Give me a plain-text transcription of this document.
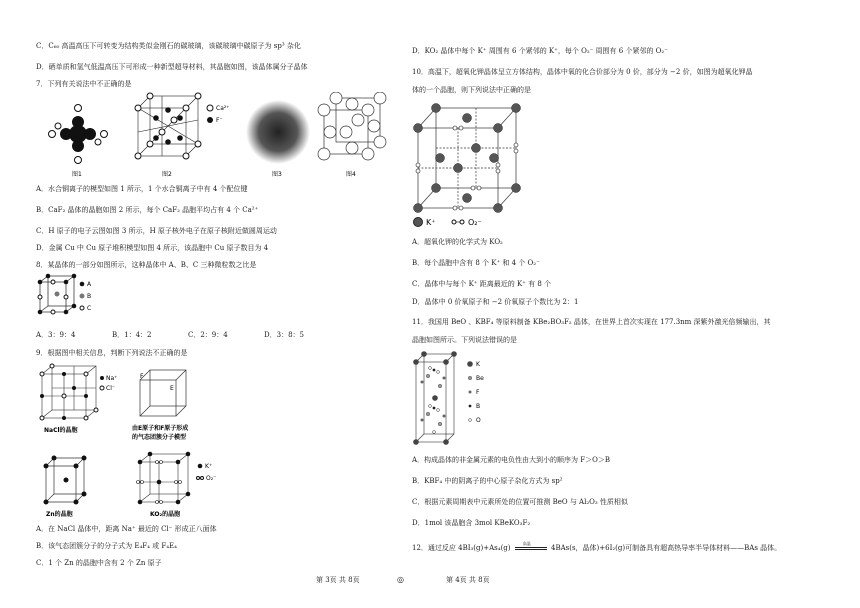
C．C₆₀ 高温高压下可转变为结构类似金刚石的碳玻璃，该碳玻璃中碳原子为 sp³ 杂化
D．硒单质和氢气低温高压下可形成一种新型超导材料，其晶胞如图，该晶体属分子晶体
7．下列有关说法中不正确的是
图1
Ca²⁺
F⁻
图2	图3	图4
A．水合铜离子的模型如图 1 所示，1 个水合铜离子中有 4 个配位键
B．CaF₂ 晶体的晶胞如图 2 所示，每个 CaF₂ 晶胞平均占有 4 个 Ca²⁺
C．H 原子的电子云图如图 3 所示，H 原子核外电子在原子核附近做圆周运动
D．金属 Cu 中 Cu 原子堆积模型如图 4 所示，该晶胞中 Cu 原子数目为 4
8．某晶体的一部分如图所示，这种晶体中 A、B、C 三种微粒数之比是
A
B
C
A．3：9：4	B．1：4：2	C．2：9：4	D．3：8：5
9．根据图中相关信息，判断下列说法不正确的是
Na⁺
Cl⁻
NaCl的晶胞
F
E
由E原子和F原子形成
的气态团簇分子模型
Zn的晶胞
K⁺
O₂⁻
KO₂的晶胞
A．在 NaCl 晶体中，距离 Na⁺ 最近的 Cl⁻ 形成正八面体
B．该气态团簇分子的分子式为 E₄F₄ 或 F₄E₄
C．1 个 Zn 的晶胞中含有 2 个 Zn 原子
D．KO₂ 晶体中每个 K⁺ 周围有 6 个紧邻的 K⁺，每个 O₂⁻ 周围有 6 个紧邻的 O₂⁻
10．高温下，超氧化钾晶体呈立方体结构，晶体中氧的化合价部分为 0 价，部分为 −2 价，如图为超氧化钾晶
体的一个晶胞，则下列说法中正确的是
K⁺	O₂⁻
A．超氧化钾的化学式为 KO₂
B．每个晶胞中含有 8 个 K⁺ 和 4 个 O₂⁻
C．晶体中与每个 K⁺ 距离最近的 K⁺ 有 8 个
D．晶体中 0 价氧原子和 −2 价氧原子个数比为 2：1
11．我国用 BeO 、KBF₄ 等原料制备 KBe₂BO₃F₂ 晶体，在世界上首次实现在 177.3nm 深紫外激光倍频输出，其
晶胞如图所示。下列说法错误的是
K
Be
F
B
O
A．构成晶体的非金属元素的电负性由大到小的顺序为 F＞O＞B
B．KBF₄ 中的阴离子的中心原子杂化方式为 sp²
C．根据元素周期表中元素所处的位置可推测 BeO 与 Al₂O₃ 性质相似
D．1mol 该晶胞含 3mol KBeKO₃F₂
12．通过反应 4BI₃(g)+As₄(g)
高温
4BAs(s，晶体)+6I₂(g)可制备具有超高热导率半导体材料——BAs 晶体。
第 3页 共 8页	◎	第 4页 共 8页
